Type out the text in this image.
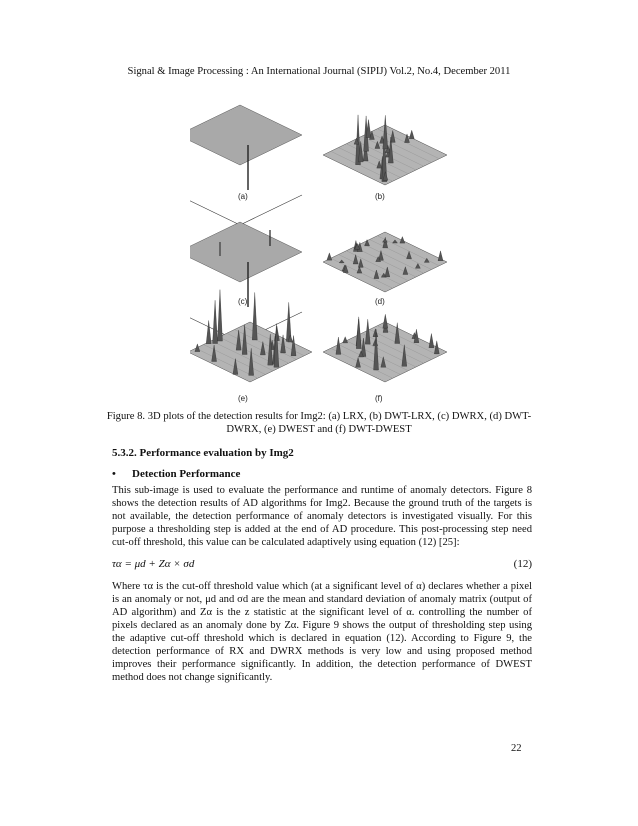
Signal & Image Processing : An International Journal (SIPIJ) Vol.2, No.4, December 2011
(a)	(b)
(c)	(d)
(e)	(f)
Figure 8. 3D plots of the detection results for Img2: (a) LRX, (b) DWT-LRX, (c) DWRX, (d) DWT-
DWRX, (e) DWEST and (f) DWT-DWEST
5.3.2. Performance evaluation by Img2
• Detection Performance
This sub-image is used to evaluate the performance and runtime of anomaly detectors. Figure 8 shows the detection results of AD algorithms for Img2. Because the ground truth of the targets is not available, the detection performance of anomaly detectors is investigated visually. For this purpose a thresholding step is added at the end of AD procedure. This post-processing step need cut-off threshold, this value can be calculated adaptively using equation (12) [25]:
τα = μd + Zα × σd	(12)
Where τα is the cut-off threshold value which (at a significant level of α) declares whether a pixel is an anomaly or not, μd and σd are the mean and standard deviation of anomaly matrix (output of AD algorithm) and Zα is the z statistic at the significant level of α. controlling the number of pixels declared as an anomaly done by Zα. Figure 9 shows the output of thresholding step using the adaptive cut-off threshold which is declared in equation (12). According to Figure 9, the detection performance of RX and DWRX methods is very low and using proposed method improves their performance significantly. In addition, the detection performance of DWEST method does not change significantly.
22
